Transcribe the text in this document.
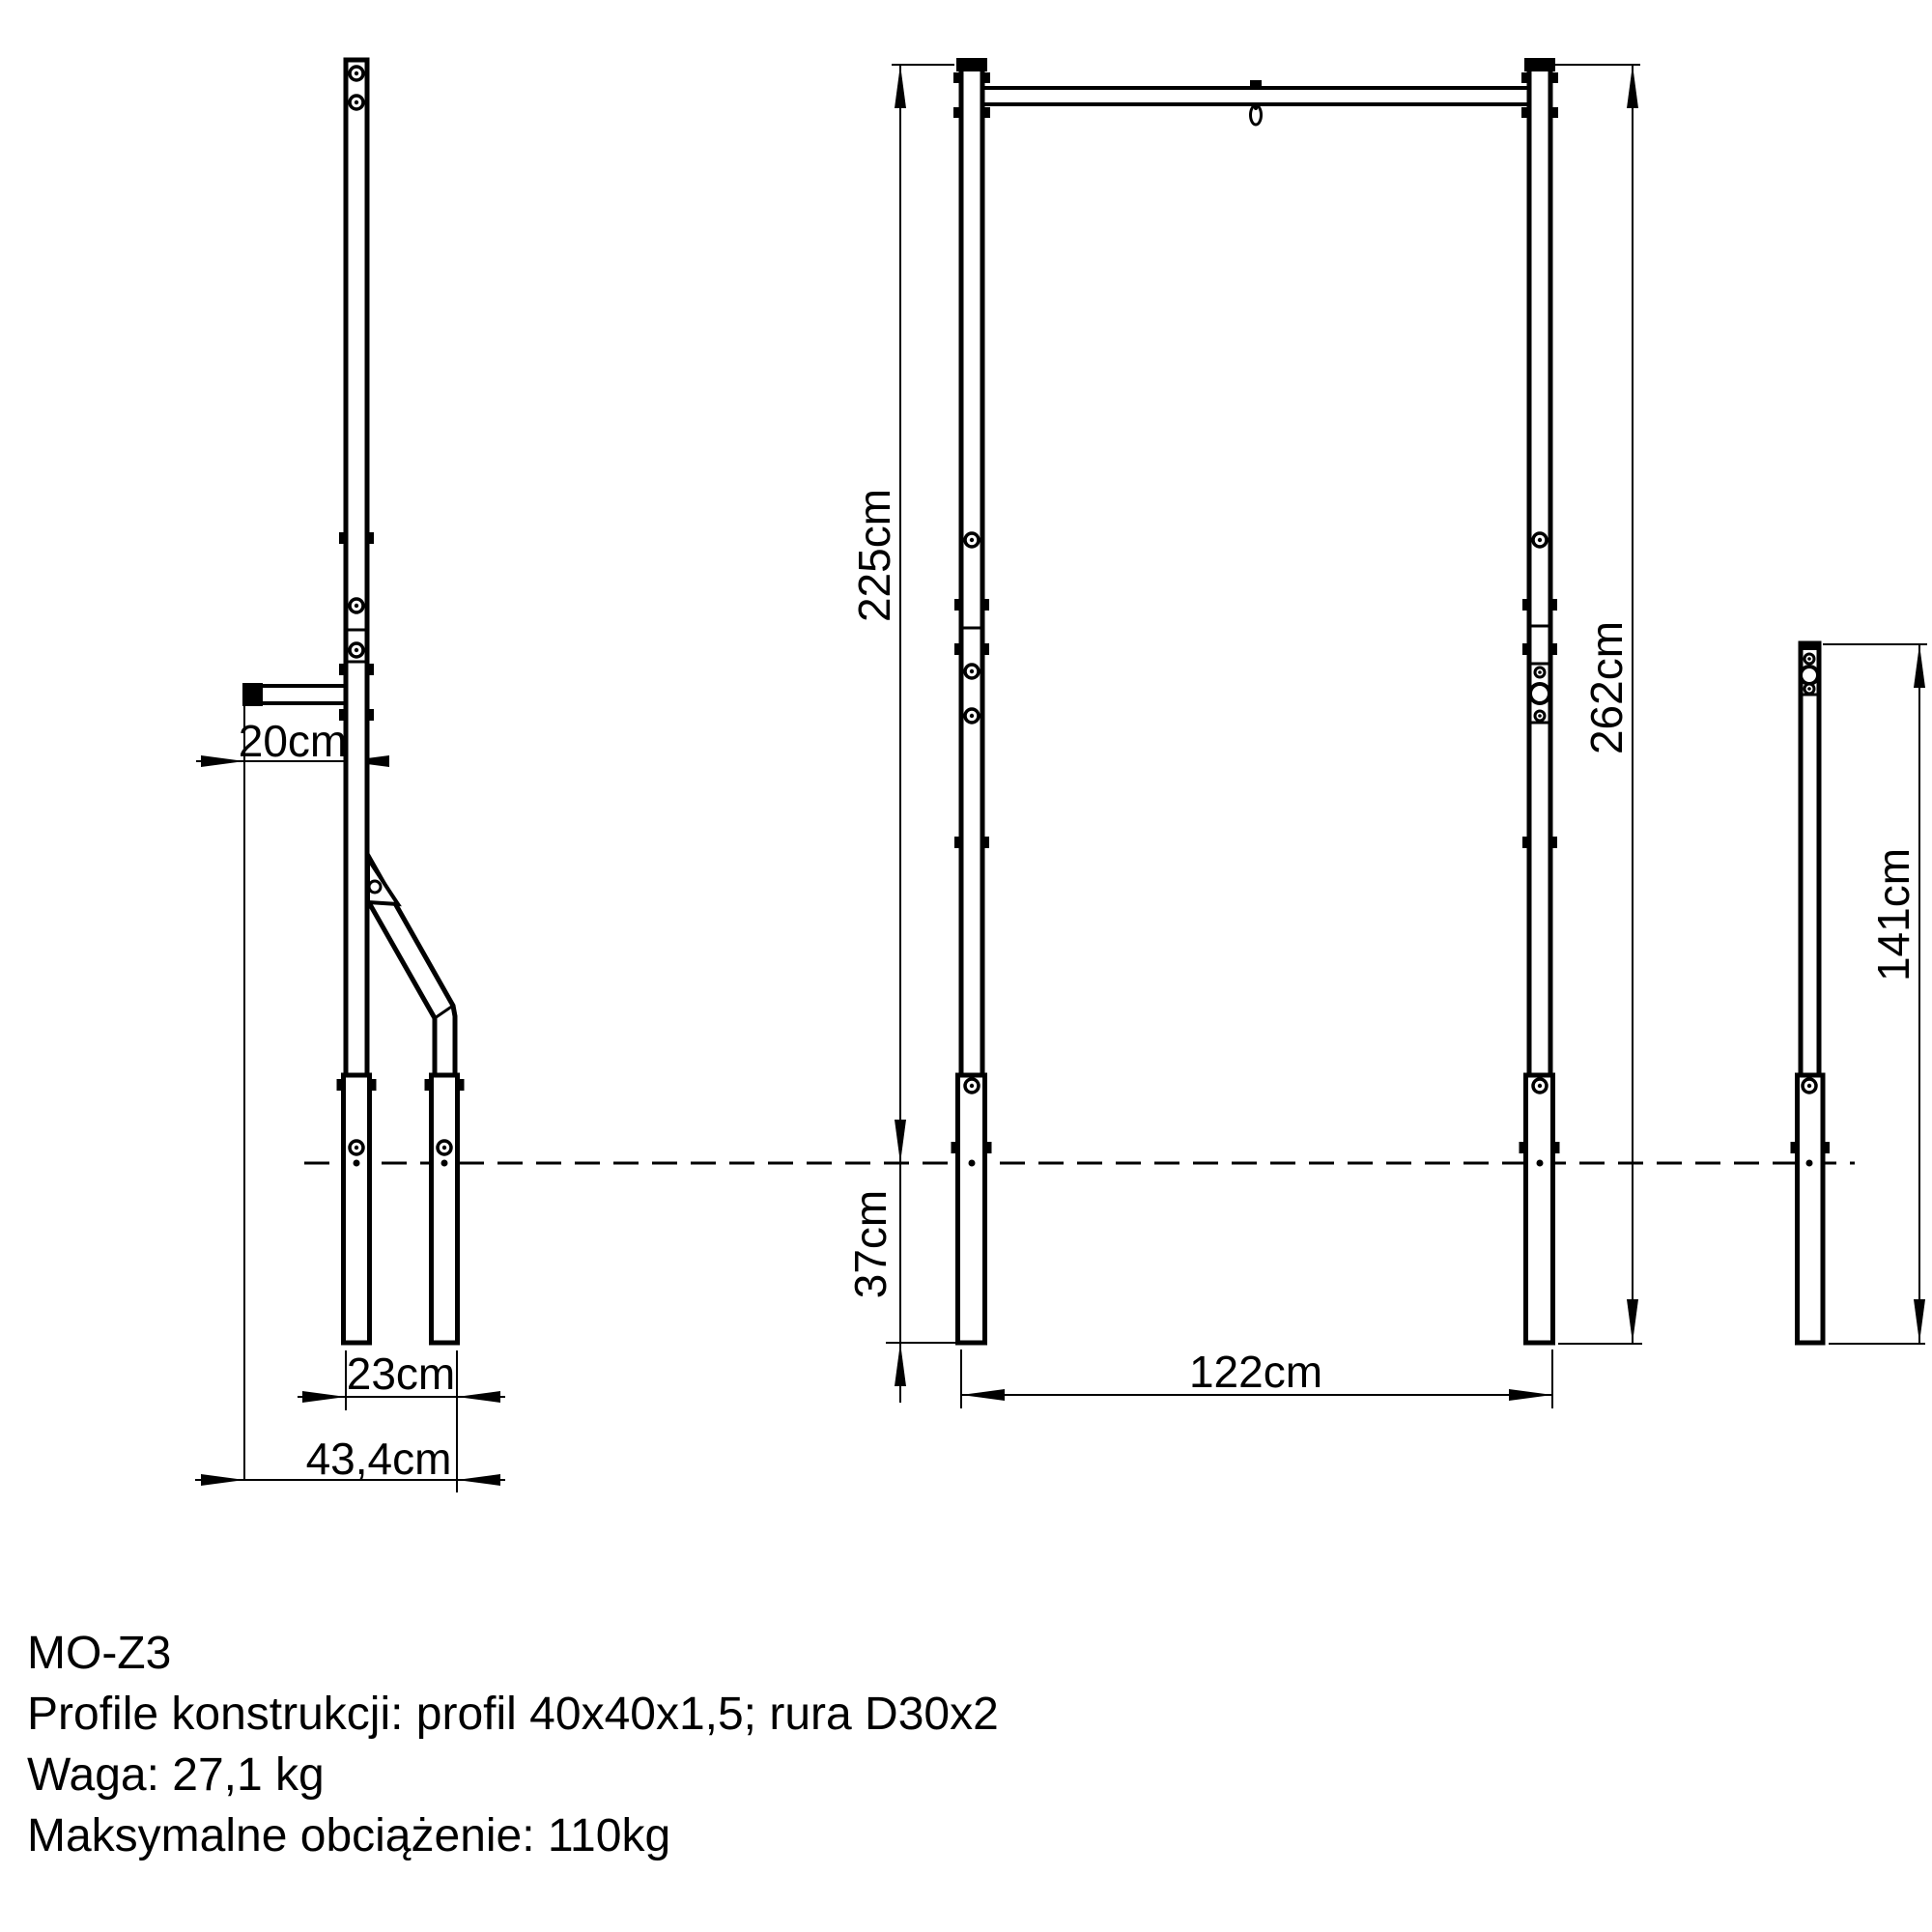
20cm
23cm
43,4cm
122cm
225cm
37cm
262cm
141cm
MO-Z3
Profile konstrukcji: profil 40x40x1,5; rura D30x2
Waga: 27,1 kg
Maksymalne obciążenie: 110kg
